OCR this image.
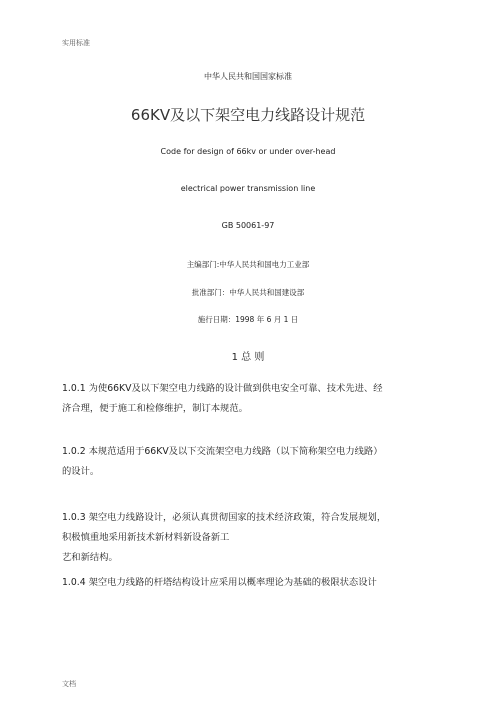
实用标准
中华人民共和国国家标准
66KV及以下架空电力线路设计规范
Code for design of 66kv or under over-head
electrical power transmission line
GB 50061-97
主编部门:中华人民共和国电力工业部
批准部门：中华人民共和国建设部
施行日期：1998 年 6 月 1 日
1 总 则
1.0.1 为使66KV及以下架空电力线路的设计做到供电安全可靠、技术先进、经
济合理，便于施工和检修维护，制订本规范。
1.0.2 本规范适用于66KV及以下交流架空电力线路（以下简称架空电力线路）
的设计。
1.0.3 架空电力线路设计，必须认真贯彻国家的技术经济政策，符合发展规划，
积极慎重地采用新技术新材料新设备新工
艺和新结构。
1.0.4 架空电力线路的杆塔结构设计应采用以概率理论为基础的极限状态设计
文档
